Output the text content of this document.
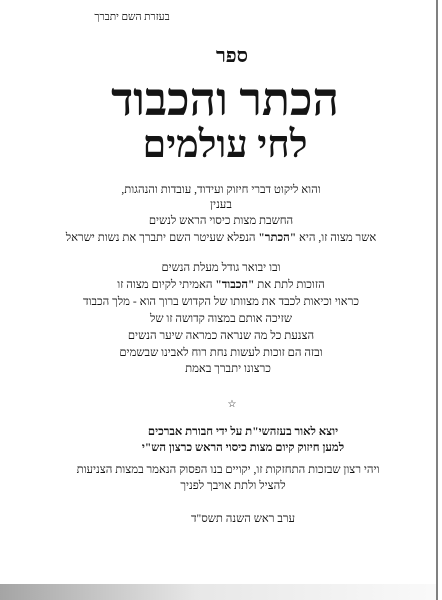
בעזרת השם יתברך
ספר
הכתר והכבוד
לחי עולמים
והוא ליקוט דברי חיזוק ועידוד, עובדות והנהגות,
בענין
החשבת מצות כיסוי הראש לנשים
אשר מצוה זו, היא "הכתר" הנפלא שעיטר השם יתברך את נשות ישראל
ובו יבואר גודל מעלת הנשים
הזוכות לתת את "הכבוד" האמיתי לקיום מצוה זו
כראוי וכיאות לכבד את מצוותו של הקדוש ברוך הוא - מלך הכבוד
שזיכה אותם במצוה קדושה זו של
הצנעת כל מה שנראה כמראה שיער הנשים
ובזה הם זוכות לעשות נחת רוח לאבינו שבשמים
כרצונו יתברך באמת
☆
יוצא לאור בעזהשי"ת על ידי חבורת אברכים
למען חיזוק קיום מצות כיסוי הראש כרצון הש"י
ויהי רצון שבזכות התחזקות זו, יקויים בנו הפסוק הנאמר במצות הצניעות
להציל ולתת אויבך לפניך
ערב ראש השנה תשס"ד
